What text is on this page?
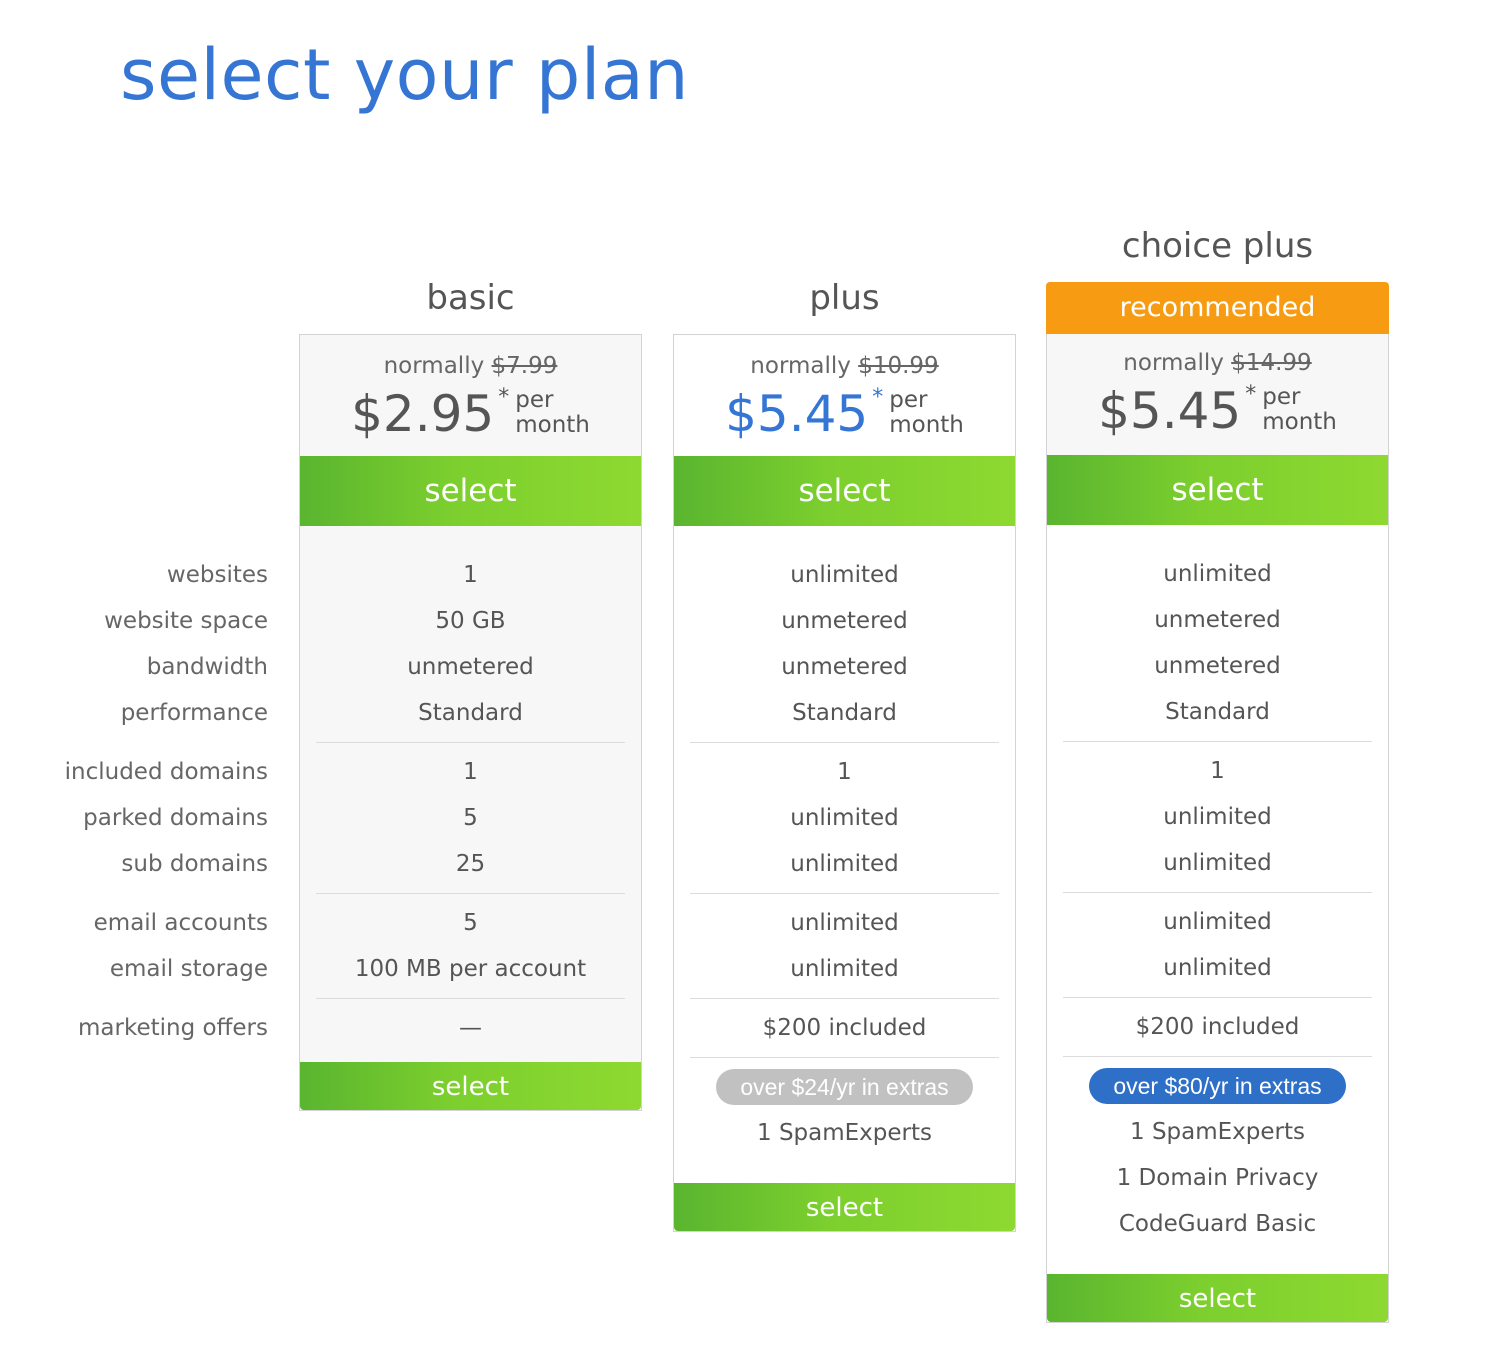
select your plan
websites
website space
bandwidth
performance
included domains
parked domains
sub domains
email accounts
email storage
marketing offers
basic	plus
choice plus
recommended
normally $7.99
$2.95 * per
month
select
1
50 GB
unmetered
Standard
1
5
25
5
100 MB per account
—
select
normally $10.99
$5.45 * per
month
select
unlimited
unmetered
unmetered
Standard
1
unlimited
unlimited
unlimited
unlimited
$200 included
over $24/yr in extras
1 SpamExperts
select
normally $14.99
$5.45 * per
month
select
unlimited
unmetered
unmetered
Standard
1
unlimited
unlimited
unlimited
unlimited
$200 included
over $80/yr in extras
1 SpamExperts
1 Domain Privacy
CodeGuard Basic
select
